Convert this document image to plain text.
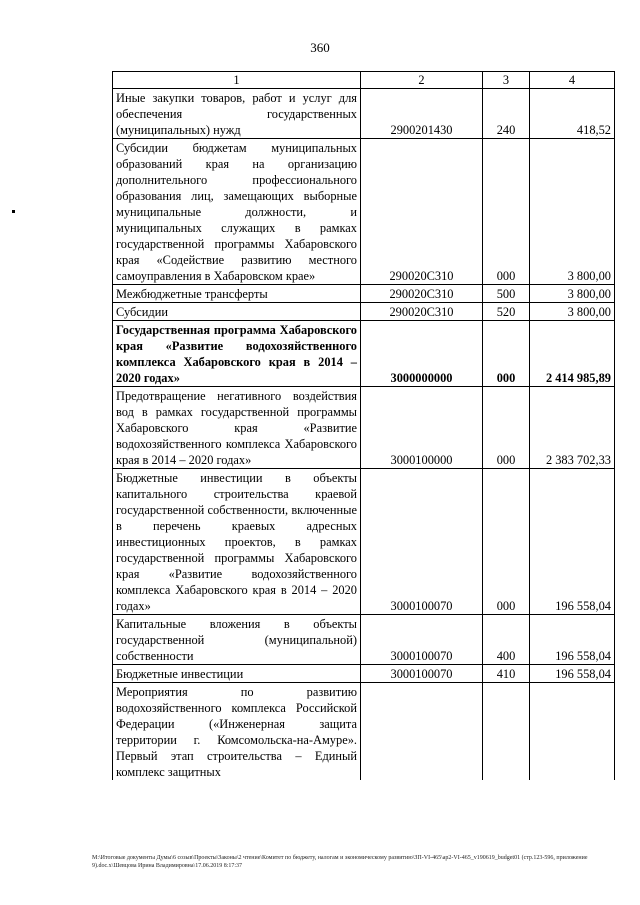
360
1	2	3	4
Иные закупки товаров, работ и услуг для обеспечения государственных (муниципальных) нужд	2900201430	240	418,52
Субсидии бюджетам муниципальных образований края на организацию дополнительного профессионального образования лиц, замещающих выборные муниципальные должности, и муниципальных служащих в рамках государственной программы Хабаровского края «Содействие развитию местного самоуправления в Хабаровском крае»	290020С310	000	3 800,00
Межбюджетные трансферты	290020С310	500	3 800,00
Субсидии	290020С310	520	3 800,00
Государственная программа Хабаровского края «Развитие водохозяйственного комплекса Хабаровского края в 2014 – 2020 годах»	3000000000	000	2 414 985,89
Предотвращение негативного воздействия вод в рамках государственной программы Хабаровского края «Развитие водохозяйственного комплекса Хабаровского края в 2014 – 2020 годах»	3000100000	000	2 383 702,33
Бюджетные инвестиции в объекты капитального строительства краевой государственной собственности, включенные в перечень краевых адресных инвестиционных проектов, в рамках государственной программы Хабаровского края «Развитие водохозяйственного комплекса Хабаровского края в 2014 – 2020 годах»	3000100070	000	196 558,04
Капитальные вложения в объекты государственной (муниципальной) собственности	3000100070	400	196 558,04
Бюджетные инвестиции	3000100070	410	196 558,04
Мероприятия по развитию водохозяйственного комплекса Российской Федерации («Инженерная защита территории г. Комсомольска-на-Амуре». Первый этап строительства – Единый комплекс защитных			
M:\Итоговые документы Думы\6 созыв\Проекты\Законы\2 чтение\Комитет по бюджету, налогам и экономическому развитию\ЗП-VI-465\ар2-VI-465_v190619_budget01 (стр.123-596, приложение 9).doc.x\Шевцова Ирина Владимировна\17.06.2019 8:17:37
